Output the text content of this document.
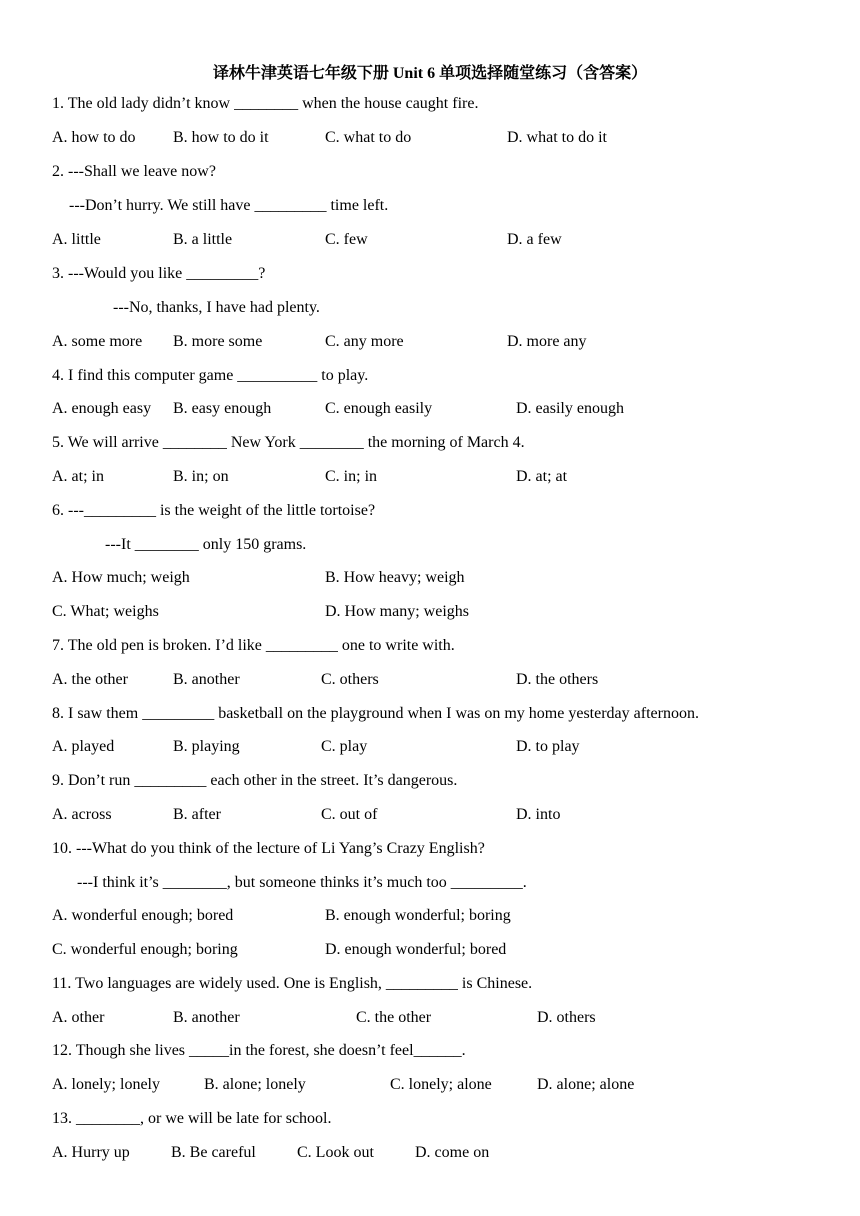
译林牛津英语七年级下册 Unit 6 单项选择随堂练习（含答案）
1. The old lady didn’t know ________ when the house caught fire.
A. how to do B. how to do it	C. what to do	D. what to do it
2. ---Shall we leave now?
---Don’t hurry. We still have _________ time left.
A. little	B. a little	C. few	D. a few
3. ---Would you like _________?
---No, thanks, I have had plenty.
A. some more B. more some	C. any more	D. more any
4. I find this computer game __________ to play.
A. enough easy B. easy enough	C. enough easily	D. easily enough
5. We will arrive ________ New York ________ the morning of March 4.
A. at; in	B. in; on	C. in; in	D. at; at
6. ---_________ is the weight of the little tortoise?
---It ________ only 150 grams.
A. How much; weigh	B. How heavy; weigh
C. What; weighs	D. How many; weighs
7. The old pen is broken. I’d like _________ one to write with.
A. the other	B. another	C. others	D. the others
8. I saw them _________ basketball on the playground when I was on my home yesterday afternoon.
A. played	B. playing	C. play	D. to play
9. Don’t run _________ each other in the street. It’s dangerous.
A. across	B. after	C. out of	D. into
10. ---What do you think of the lecture of Li Yang’s Crazy English?
---I think it’s ________, but someone thinks it’s much too _________.
A. wonderful enough; bored	B. enough wonderful; boring
C. wonderful enough; boring	D. enough wonderful; bored
11. Two languages are widely used. One is English, _________ is Chinese.
A. other	B. another	C. the other	D. others
12. Though she lives _____in the forest, she doesn’t feel______.
A. lonely; lonely	B. alone; lonely	C. lonely; alone	D. alone; alone
13. ________, or we will be late for school.
A. Hurry up	B. Be careful	C. Look out	D. come on
